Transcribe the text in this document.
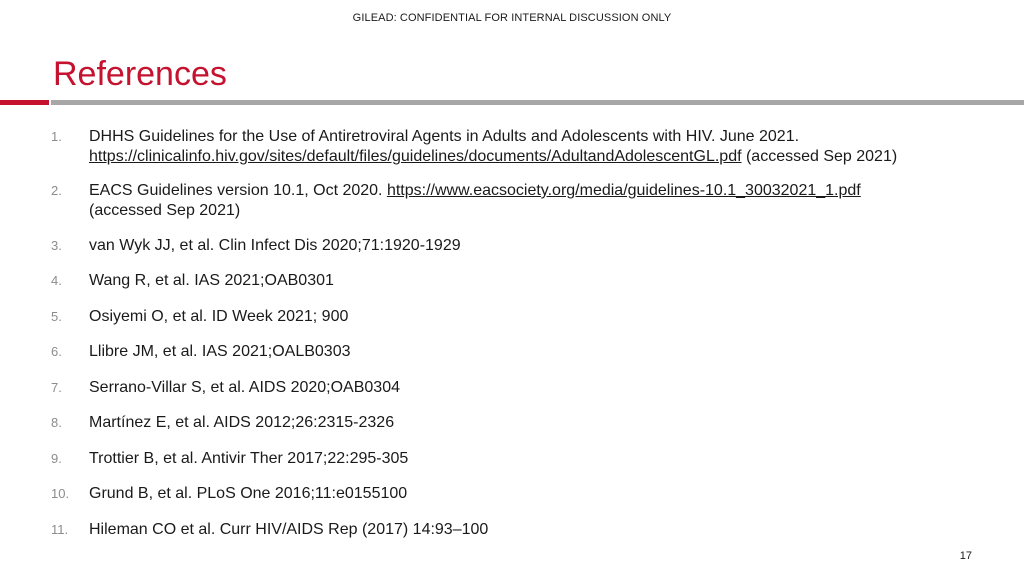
GILEAD: CONFIDENTIAL FOR INTERNAL DISCUSSION ONLY
References
1. DHHS Guidelines for the Use of Antiretroviral Agents in Adults and Adolescents with HIV. June 2021.
https://clinicalinfo.hiv.gov/sites/default/files/guidelines/documents/AdultandAdolescentGL.pdf (accessed Sep 2021)
2. EACS Guidelines version 10.1, Oct 2020. https://www.eacsociety.org/media/guidelines-10.1_30032021_1.pdf
(accessed Sep 2021)
3. van Wyk JJ, et al. Clin Infect Dis 2020;71:1920-1929
4. Wang R, et al. IAS 2021;OAB0301
5. Osiyemi O, et al. ID Week 2021; 900
6. Llibre JM, et al. IAS 2021;OALB0303
7. Serrano-Villar S, et al. AIDS 2020;OAB0304
8. Martínez E, et al. AIDS 2012;26:2315-2326
9. Trottier B, et al. Antivir Ther 2017;22:295-305
10. Grund B, et al. PLoS One 2016;11:e0155100
11. Hileman CO et al. Curr HIV/AIDS Rep (2017) 14:93–100
17
